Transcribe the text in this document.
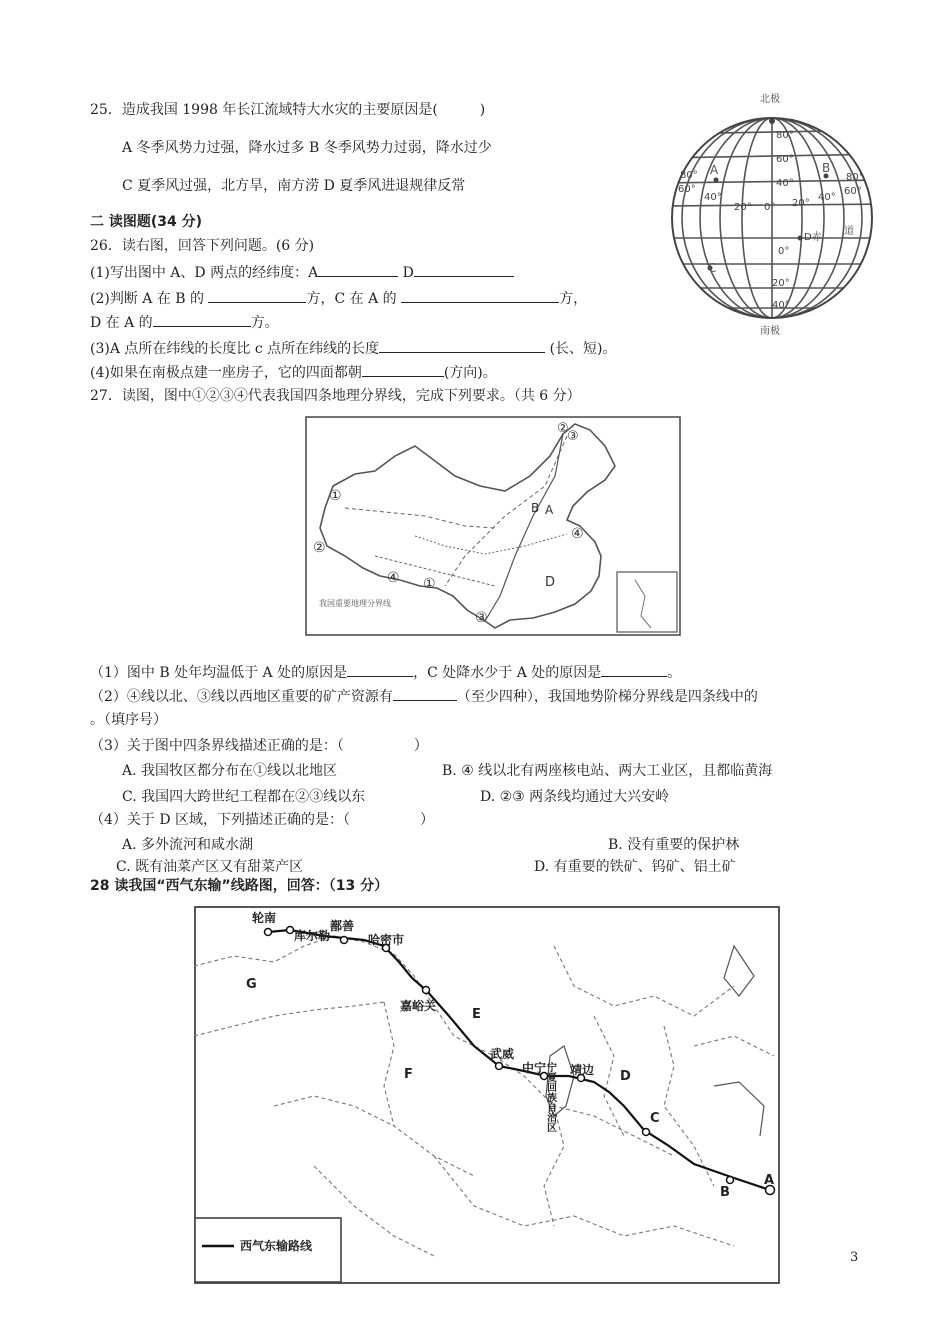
25．造成我国 1998 年长江流域特大水灾的主要原因是(　　　)
A 冬季风势力过强，降水过多 B 冬季风势力过弱，降水过少
C 夏季风过强，北方旱，南方涝 D 夏季风进退规律反常
二 读图题(34 分)
26．读右图，回答下列问题。(6 分)
(1)写出图中 A、D 两点的经纬度：A	D
(2)判断 A 在 B 的	方，C 在 A 的	方，
D 在 A 的	方。
(3)A 点所在纬线的长度比 c 点所在纬线的长度	(长、短)。
(4)如果在南极点建一座房子，它的四面都朝	(方向)。
北极
南极
80°
60°
40°
20°
40°
0° 20°
40°
80°
60°
80°
60°
0°
20°
40°
A	B
C
D赤
道
27．读图，图中①②③④代表我国四条地理分界线，完成下列要求。（共 6 分）
①
②
④ ①
③
②
③
④
B A
D
我国重要地理分界线
（1）图中 B 处年均温低于 A 处的原因是	，C 处降水少于 A 处的原因是	。
（2）④线以北、③线以西地区重要的矿产资源有	（至少四种），我国地势阶梯分界线是四条线中的
。（填序号）
（3）关于图中四条界线描述正确的是：（　　　　　）
A. 我国牧区都分布在①线以北地区	B. ④ 线以北有两座核电站、两大工业区，且都临黄海
C. 我国四大跨世纪工程都在②③线以东	D. ②③ 两条线均通过大兴安岭
（4）关于 D 区域，下列描述正确的是：（　　　　　）
A. 多外流河和咸水湖	B. 没有重要的保护林
C. 既有油菜产区又有甜菜产区	D. 有重要的铁矿、钨矿、铝土矿
28 读我国“西气东输”线路图，回答：（13 分）
轮南
库尔勒
鄯善
哈密市
嘉峪关
武威
中宁 靖边
宁夏回族自治区
G
E
F	D
C
B
A
西气东输路线
3
